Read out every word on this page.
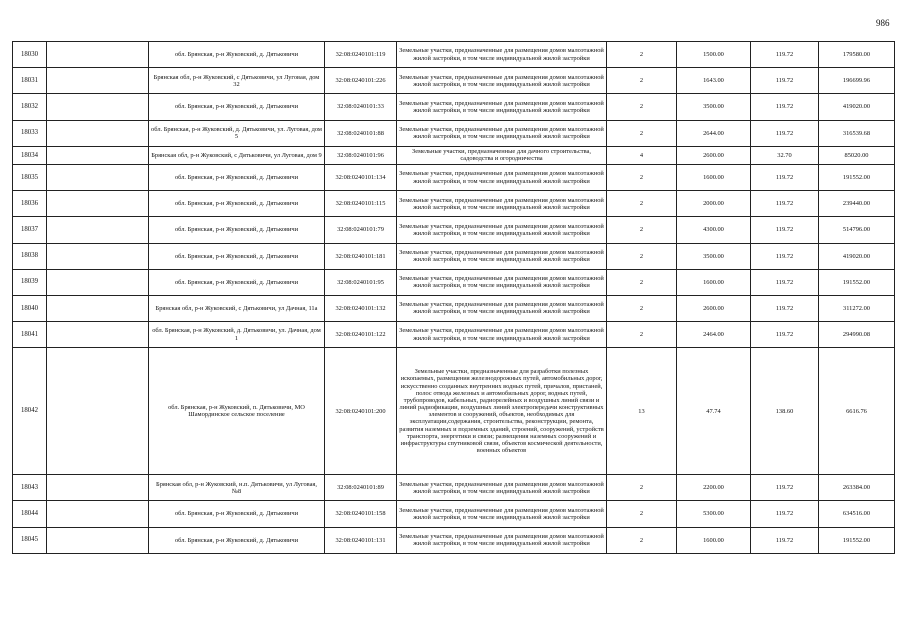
986
18030		обл. Брянская, р-н Жуковский, д. Дятьковичи	32:08:0240101:119	Земельные участки, предназначенные для размещения домов малоэтажной жилой застройки, в том числе индивидуальной жилой застройки	2	1500.00	119.72	179580.00
18031		Брянская обл, р-н Жуковский, с Дятьковичи, ул Луговая, дом 32	32:08:0240101:226	Земельные участки, предназначенные для размещения домов малоэтажной жилой застройки, в том числе индивидуальной жилой застройки	2	1643.00	119.72	196699.96
18032		обл. Брянская, р-н Жуковский, д. Дятьковичи	32:08:0240101:33	Земельные участки, предназначенные для размещения домов малоэтажной жилой застройки, в том числе индивидуальной жилой застройки	2	3500.00	119.72	419020.00
18033		обл. Брянская, р-н Жуковский, д. Дятьковичи, ул. Луговая, дом 5	32:08:0240101:88	Земельные участки, предназначенные для размещения домов малоэтажной жилой застройки, в том числе индивидуальной жилой застройки	2	2644.00	119.72	316539.68
18034		Брянская обл, р-н Жуковский, с Дятьковичи, ул Луговая, дом 9	32:08:0240101:96	Земельные участки, предназначенные для дачного строительства, садоводства и огородничества	4	2600.00	32.70	85020.00
18035		обл. Брянская, р-н Жуковский, д. Дятьковичи	32:08:0240101:134	Земельные участки, предназначенные для размещения домов малоэтажной жилой застройки, в том числе индивидуальной жилой застройки	2	1600.00	119.72	191552.00
18036		обл. Брянская, р-н Жуковский, д. Дятьковичи	32:08:0240101:115	Земельные участки, предназначенные для размещения домов малоэтажной жилой застройки, в том числе индивидуальной жилой застройки	2	2000.00	119.72	239440.00
18037		обл. Брянская, р-н Жуковский, д. Дятьковичи	32:08:0240101:79	Земельные участки, предназначенные для размещения домов малоэтажной жилой застройки, в том числе индивидуальной жилой застройки	2	4300.00	119.72	514796.00
18038		обл. Брянская, р-н Жуковский, д. Дятьковичи	32:08:0240101:181	Земельные участки, предназначенные для размещения домов малоэтажной жилой застройки, в том числе индивидуальной жилой застройки	2	3500.00	119.72	419020.00
18039		обл. Брянская, р-н Жуковский, д. Дятьковичи	32:08:0240101:95	Земельные участки, предназначенные для размещения домов малоэтажной жилой застройки, в том числе индивидуальной жилой застройки	2	1600.00	119.72	191552.00
18040		Брянская обл, р-н Жуковский, с Дятьковичи, ул Дачная, 11а	32:08:0240101:132	Земельные участки, предназначенные для размещения домов малоэтажной жилой застройки, в том числе индивидуальной жилой застройки	2	2600.00	119.72	311272.00
18041		обл. Брянская, р-н Жуковский, д. Дятьковичи, ул. Дачная, дом 1	32:08:0240101:122	Земельные участки, предназначенные для размещения домов малоэтажной жилой застройки, в том числе индивидуальной жилой застройки	2	2464.00	119.72	294990.08
18042		обл. Брянская, р-н Жуковский, п. Дятьковичи, МО Шамординское сельское поселение	32:08:0240101:200	Земельные участки, предназначенные для разработки полезных ископаемых, размещения железнодорожных путей, автомобильных дорог, искусственно созданных внутренних водных путей, причалов, пристаней, полос отвода железных и автомобильных дорог, водных путей, трубопроводов, кабельных, радиорелейных и воздушных линий связи и линий радиофикации, воздушных линий электропередачи конструктивных элементов и сооружений, объектов, необходимых для эксплуатации,содержания, строительства, реконструкции, ремонта, развития наземных и подземных зданий, строений, сооружений, устройств транспорта, энергетики и связи; размещения наземных сооружений и инфраструктуры спутниковой связи, объектов космической деятельности, военных объектов	13	47.74	138.60	6616.76
18043		Брянская обл, р-н Жуковский, н.п. Дятьковичи, ул Луговая, №8	32:08:0240101:89	Земельные участки, предназначенные для размещения домов малоэтажной жилой застройки, в том числе индивидуальной жилой застройки	2	2200.00	119.72	263384.00
18044		обл. Брянская, р-н Жуковский, д. Дятьковичи	32:08:0240101:158	Земельные участки, предназначенные для размещения домов малоэтажной жилой застройки, в том числе индивидуальной жилой застройки	2	5300.00	119.72	634516.00
18045		обл. Брянская, р-н Жуковский, д. Дятьковичи	32:08:0240101:131	Земельные участки, предназначенные для размещения домов малоэтажной жилой застройки, в том числе индивидуальной жилой застройки	2	1600.00	119.72	191552.00
